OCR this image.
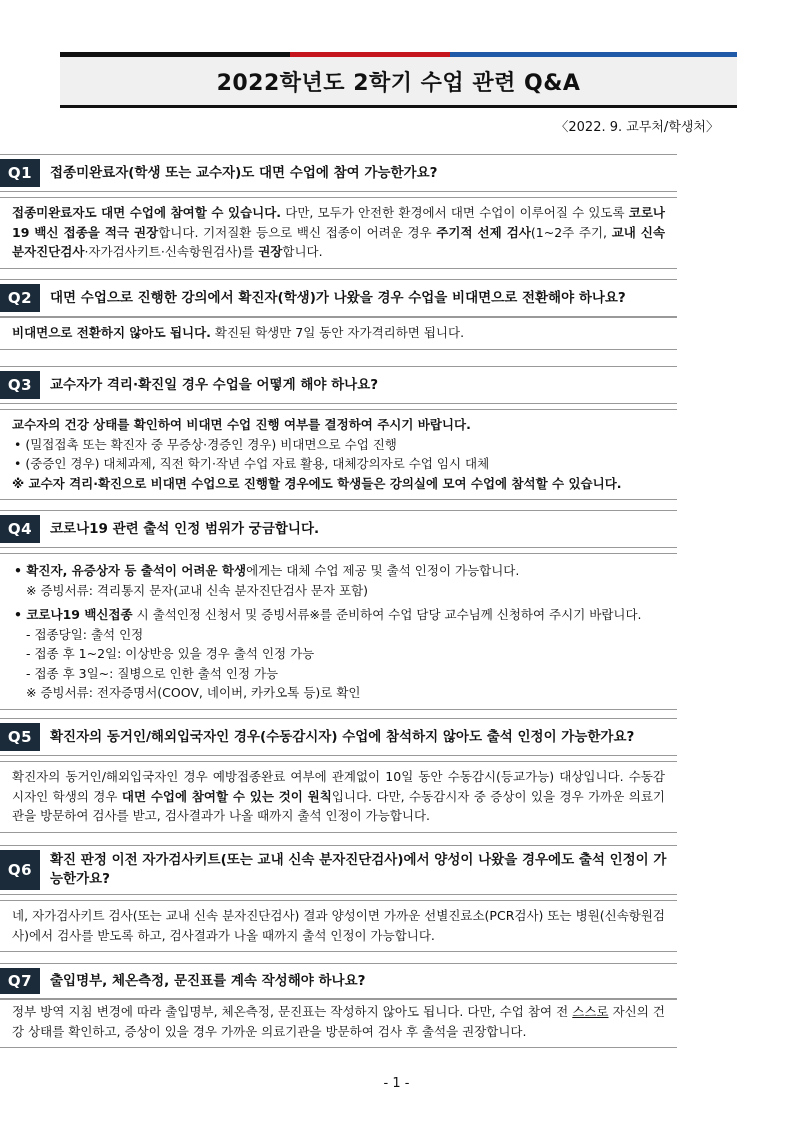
2022학년도 2학기 수업 관련 Q&A
〈2022. 9. 교무처/학생처〉
Q1	접종미완료자(학생 또는 교수자)도 대면 수업에 참여 가능한가요?

접종미완료자도 대면 수업에 참여할 수 있습니다. 다만, 모두가 안전한 환경에서 대면 수업이 이루어질 수 있도록 코로나19 백신 접종을 적극 권장합니다. 기저질환 등으로 백신 접종이 어려운 경우 주기적 선제 검사(1~2주 주기, 교내 신속 분자진단검사·자가검사키트·신속항원검사)를 권장합니다.

Q2	대면 수업으로 진행한 강의에서 확진자(학생)가 나왔을 경우 수업을 비대면으로 전환해야 하나요?

비대면으로 전환하지 않아도 됩니다. 확진된 학생만 7일 동안 자가격리하면 됩니다.

Q3	교수자가 격리·확진일 경우 수업을 어떻게 해야 하나요?

교수자의 건강 상태를 확인하여 비대면 수업 진행 여부를 결정하여 주시기 바랍니다.

• (밀접접촉 또는 확진자 중 무증상·경증인 경우) 비대면으로 수업 진행

• (중증인 경우) 대체과제, 직전 학기·작년 수업 자료 활용, 대체강의자로 수업 임시 대체

※ 교수자 격리·확진으로 비대면 수업으로 진행할 경우에도 학생들은 강의실에 모여 수업에 참석할 수 있습니다.

Q4	코로나19 관련 출석 인정 범위가 궁금합니다.

• 확진자, 유증상자 등 출석이 어려운 학생에게는 대체 수업 제공 및 출석 인정이 가능합니다.

※ 증빙서류: 격리통지 문자(교내 신속 분자진단검사 문자 포함)

• 코로나19 백신접종 시 출석인정 신청서 및 증빙서류※를 준비하여 수업 담당 교수님께 신청하여 주시기 바랍니다.

- 접종당일: 출석 인정

- 접종 후 1~2일: 이상반응 있을 경우 출석 인정 가능

- 접종 후 3일~: 질병으로 인한 출석 인정 가능

※ 증빙서류: 전자증명서(COOV, 네이버, 카카오톡 등)로 확인

Q5	확진자의 동거인/해외입국자인 경우(수동감시자) 수업에 참석하지 않아도 출석 인정이 가능한가요?

확진자의 동거인/해외입국자인 경우 예방접종완료 여부에 관계없이 10일 동안 수동감시(등교가능) 대상입니다. 수동감시자인 학생의 경우 대면 수업에 참여할 수 있는 것이 원칙입니다. 다만, 수동감시자 중 증상이 있을 경우 가까운 의료기관을 방문하여 검사를 받고, 검사결과가 나올 때까지 출석 인정이 가능합니다.

Q6
확진 판정 이전 자가검사키트(또는 교내 신속 분자진단검사)에서 양성이 나왔을 경우에도 출석 인정이 가능한가요?

네, 자가검사키트 검사(또는 교내 신속 분자진단검사) 결과 양성이면 가까운 선별진료소(PCR검사) 또는 병원(신속항원검사)에서 검사를 받도록 하고, 검사결과가 나올 때까지 출석 인정이 가능합니다.

Q7	출입명부, 체온측정, 문진표를 계속 작성해야 하나요?

정부 방역 지침 변경에 따라 출입명부, 체온측정, 문진표는 작성하지 않아도 됩니다. 다만, 수업 참여 전 스스로 자신의 건강 상태를 확인하고, 증상이 있을 경우 가까운 의료기관을 방문하여 검사 후 출석을 권장합니다.

- 1 -
